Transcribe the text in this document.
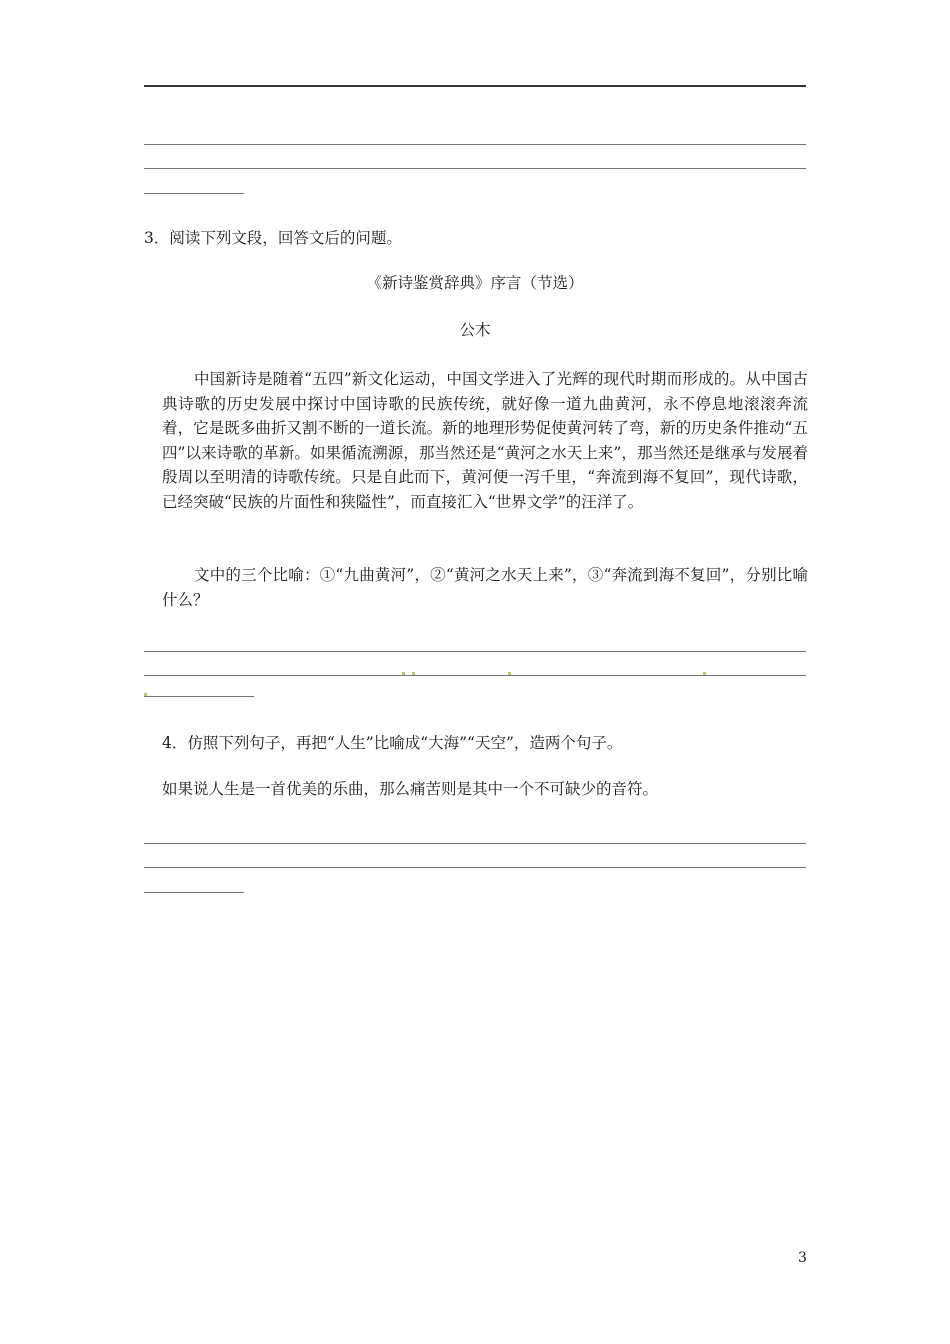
3．阅读下列文段，回答文后的问题。
《新诗鉴赏辞典》序言（节选）
公木
中国新诗是随着“五四”新文化运动，中国文学进入了光辉的现代时期而形成的。从中国古典诗歌的历史发展中探讨中国诗歌的民族传统，就好像一道九曲黄河，永不停息地滚滚奔流着，它是既多曲折又割不断的一道长流。新的地理形势促使黄河转了弯，新的历史条件推动“五四”以来诗歌的革新。如果循流溯源，那当然还是“黄河之水天上来”，那当然还是继承与发展着殷周以至明清的诗歌传统。只是自此而下，黄河便一泻千里，“奔流到海不复回”，现代诗歌，已经突破“民族的片面性和狭隘性”，而直接汇入“世界文学”的汪洋了。
文中的三个比喻：①“九曲黄河”，②“黄河之水天上来”，③“奔流到海不复回”，分别比喻什么？
4．仿照下列句子，再把“人生”比喻成“大海”“天空”，造两个句子。
如果说人生是一首优美的乐曲，那么痛苦则是其中一个不可缺少的音符。
3
